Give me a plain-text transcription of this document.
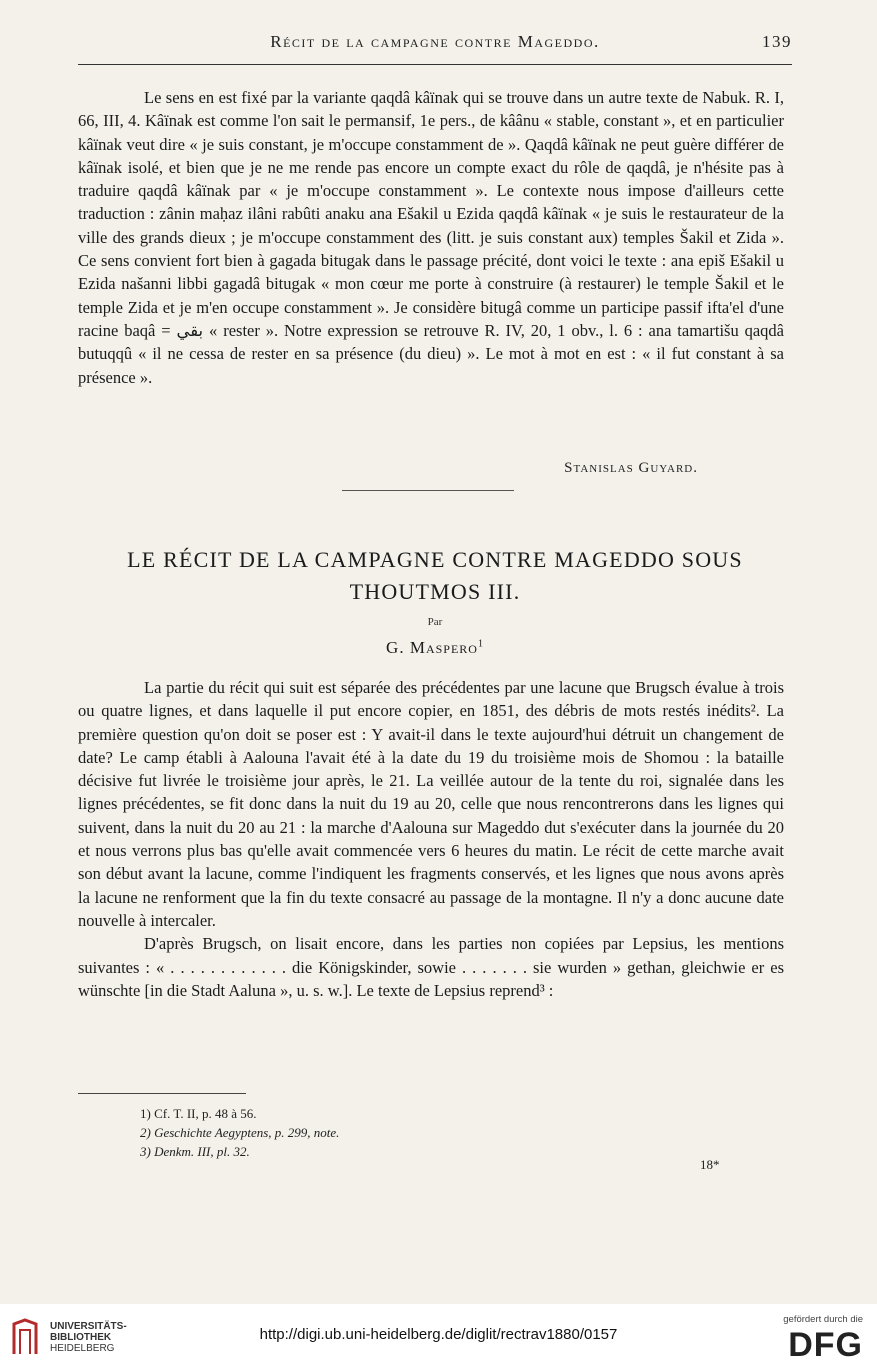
Récit de la campagne contre Mageddo.	139

Le sens en est fixé par la variante qaqdâ kâïnak qui se trouve dans un autre texte de Nabuk. R. I, 66, III, 4. Kâïnak est comme l'on sait le permansif, 1e pers., de kâânu « stable, constant », et en particulier kâïnak veut dire « je suis constant, je m'occupe constamment de ». Qaqdâ kâïnak ne peut guère différer de kâïnak isolé, et bien que je ne me rende pas encore un compte exact du rôle de qaqdâ, je n'hésite pas à traduire qaqdâ kâïnak par « je m'occupe constamment ». Le contexte nous impose d'ailleurs cette traduction : zânin maḥaz ilâni rabûti anaku ana Ešakil u Ezida qaqdâ kâïnak « je suis le restaurateur de la ville des grands dieux ; je m'occupe constamment des (litt. je suis constant aux) temples Šakil et Zida ». Ce sens convient fort bien à gagada bitugak dans le passage précité, dont voici le texte : ana epiš Ešakil u Ezida našanni libbi gagadâ bitugak « mon cœur me porte à construire (à restaurer) le temple Šakil et le temple Zida et je m'en occupe constamment ». Je considère bitugâ comme un participe passif ifta'el d'une racine baqâ = بقي « rester ». Notre expression se retrouve R. IV, 20, 1 obv., l. 6 : ana tamartišu qaqdâ butuqqû « il ne cessa de rester en sa présence (du dieu) ». Le mot à mot en est : « il fut constant à sa présence ».

Stanislas Guyard.
LE RÉCIT DE LA CAMPAGNE CONTRE MAGEDDO SOUS
THOUTMOS III.
Par
G. Maspero$^1$

La partie du récit qui suit est séparée des précédentes par une lacune que Brugsch évalue à trois ou quatre lignes, et dans laquelle il put encore copier, en 1851, des débris de mots restés inédits². La première question qu'on doit se poser est : Y avait-il dans le texte aujourd'hui détruit un changement de date? Le camp établi à Aalouna l'avait été à la date du 19 du troisième mois de Shomou : la bataille décisive fut livrée le troisième jour après, le 21. La veillée autour de la tente du roi, signalée dans les lignes précédentes, se fit donc dans la nuit du 19 au 20, celle que nous rencontrerons dans les lignes qui suivent, dans la nuit du 20 au 21 : la marche d'Aalouna sur Mageddo dut s'exécuter dans la journée du 20 et nous verrons plus bas qu'elle avait commencée vers 6 heures du matin. Le récit de cette marche avait son début avant la lacune, comme l'indiquent les fragments conservés, et les lignes que nous avons après la lacune ne renforment que la fin du texte consacré au passage de la montagne. Il n'y a donc aucune date nouvelle à intercaler.

D'après Brugsch, on lisait encore, dans les parties non copiées par Lepsius, les mentions suivantes : « . . . . . . . . . . . . die Königskinder, sowie . . . . . . . sie wurden » gethan, gleichwie er es wünschte [in die Stadt Aaluna », u. s. w.]. Le texte de Lepsius reprend³ :

1) Cf. T. II, p. 48 à 56.
2) Geschichte Aegyptens, p. 299, note.
3) Denkm. III, pl. 32.
18*
UNIVERSITÄTS-
BIBLIOTHEK
HEIDELBERG
http://digi.ub.uni-heidelberg.de/diglit/rectrav1880/0157
gefördert durch die
DFG
